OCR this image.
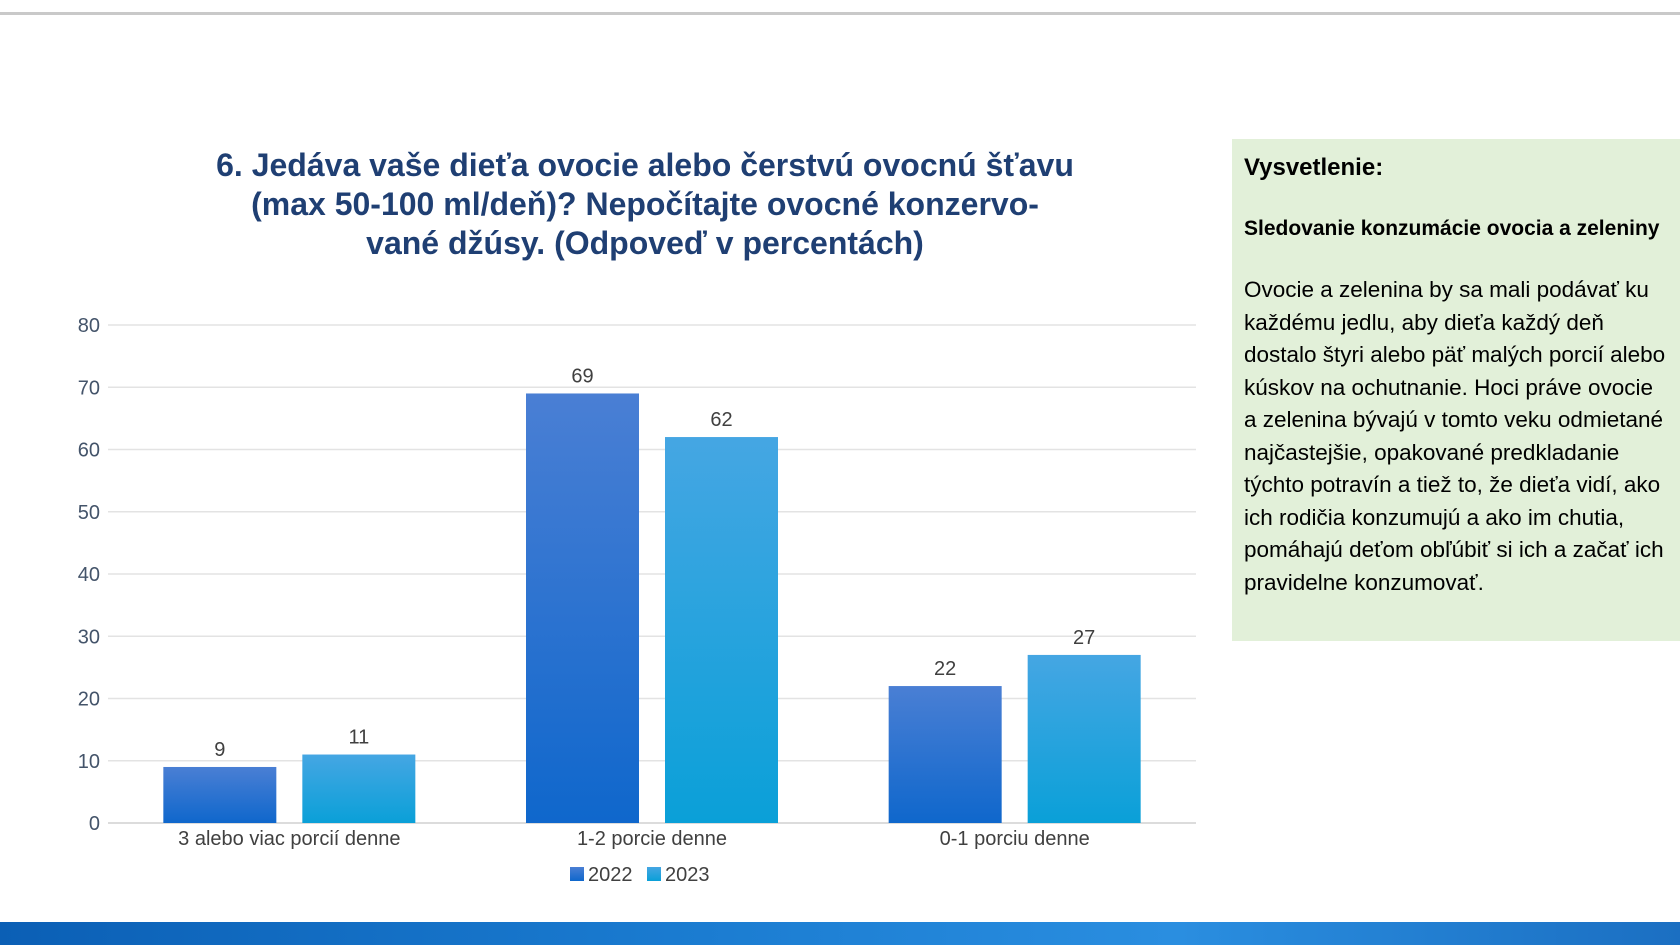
6. Jedáva vaše dieťa ovocie alebo čerstvú ovocnú šťavu
(max 50-100 ml/deň)? Nepočítajte ovocné konzervo-
vané džúsy. (Odpoveď v percentách)
0
10
20
30
40
50
60
70
80
9
11
3 alebo viac porcií denne
69
62
1-2 porcie denne
22
27
0-1 porciu denne
2022 2023

Vysvetlenie:

Sledovanie konzumácie ovocia a zeleniny

Ovocie a zelenina by sa mali podávať ku každému jedlu, aby dieťa každý deň dostalo štyri alebo päť malých porcií alebo kúskov na ochutnanie. Hoci práve ovocie a zelenina bývajú v tomto veku odmietané najčastejšie, opakované predkladanie týchto potravín a tiež to, že dieťa vidí, ako ich rodičia konzumujú a ako im chutia, pomáhajú deťom obľúbiť si ich a začať ich pravidelne konzumovať.
